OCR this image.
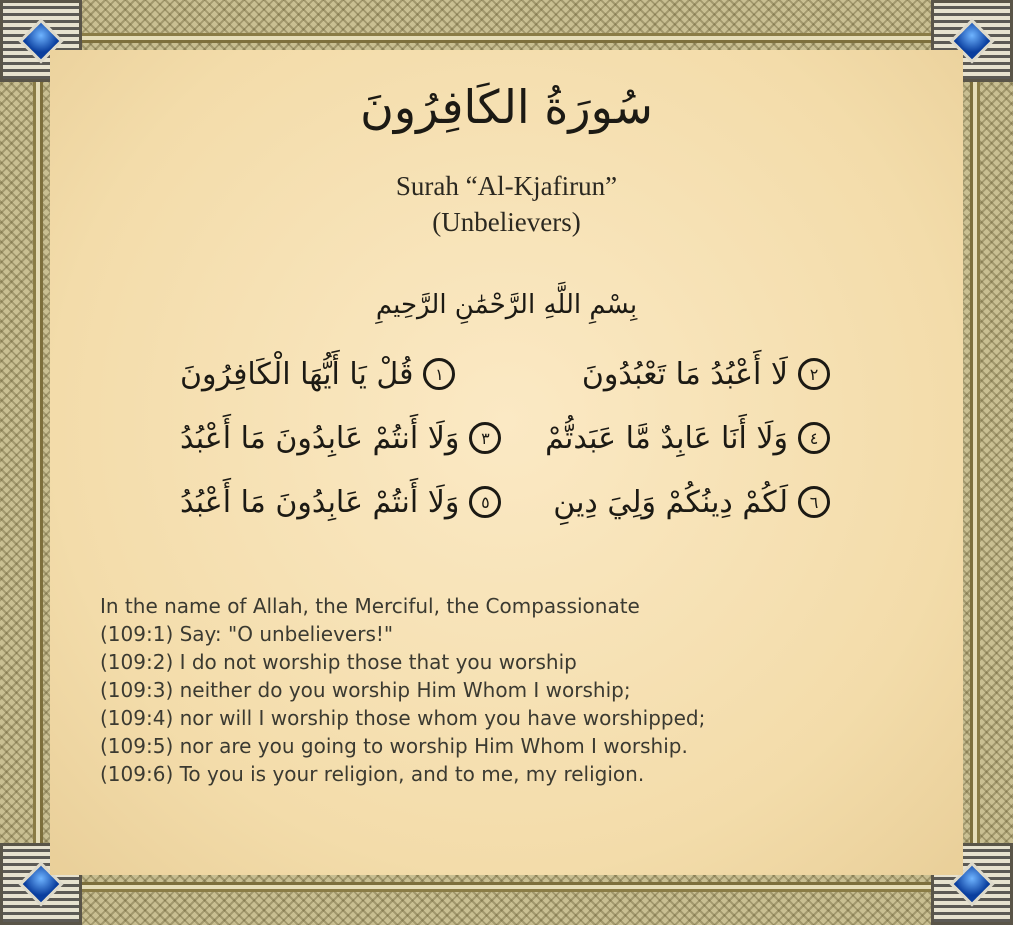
سُورَةُ الكَافِرُونَ
Surah “Al-Kjafirun”
(Unbelievers)
بِسْمِ اللَّهِ الرَّحْمَٰنِ الرَّحِيمِ
قُلْ يَا أَيُّهَا الْكَافِرُونَ	١	لَا أَعْبُدُ مَا تَعْبُدُونَ	٢
وَلَا أَنتُمْ عَابِدُونَ مَا أَعْبُدُ	٣	وَلَا أَنَا عَابِدٌ مَّا عَبَدتُّمْ	٤
وَلَا أَنتُمْ عَابِدُونَ مَا أَعْبُدُ	٥	لَكُمْ دِينُكُمْ وَلِيَ دِينِ	٦
In the name of Allah, the Merciful, the Compassionate
(109:1) Say: "O unbelievers!"
(109:2) I do not worship those that you worship
(109:3) neither do you worship Him Whom I worship;
(109:4) nor will I worship those whom you have worshipped;
(109:5) nor are you going to worship Him Whom I worship.
(109:6) To you is your religion, and to me, my religion.
